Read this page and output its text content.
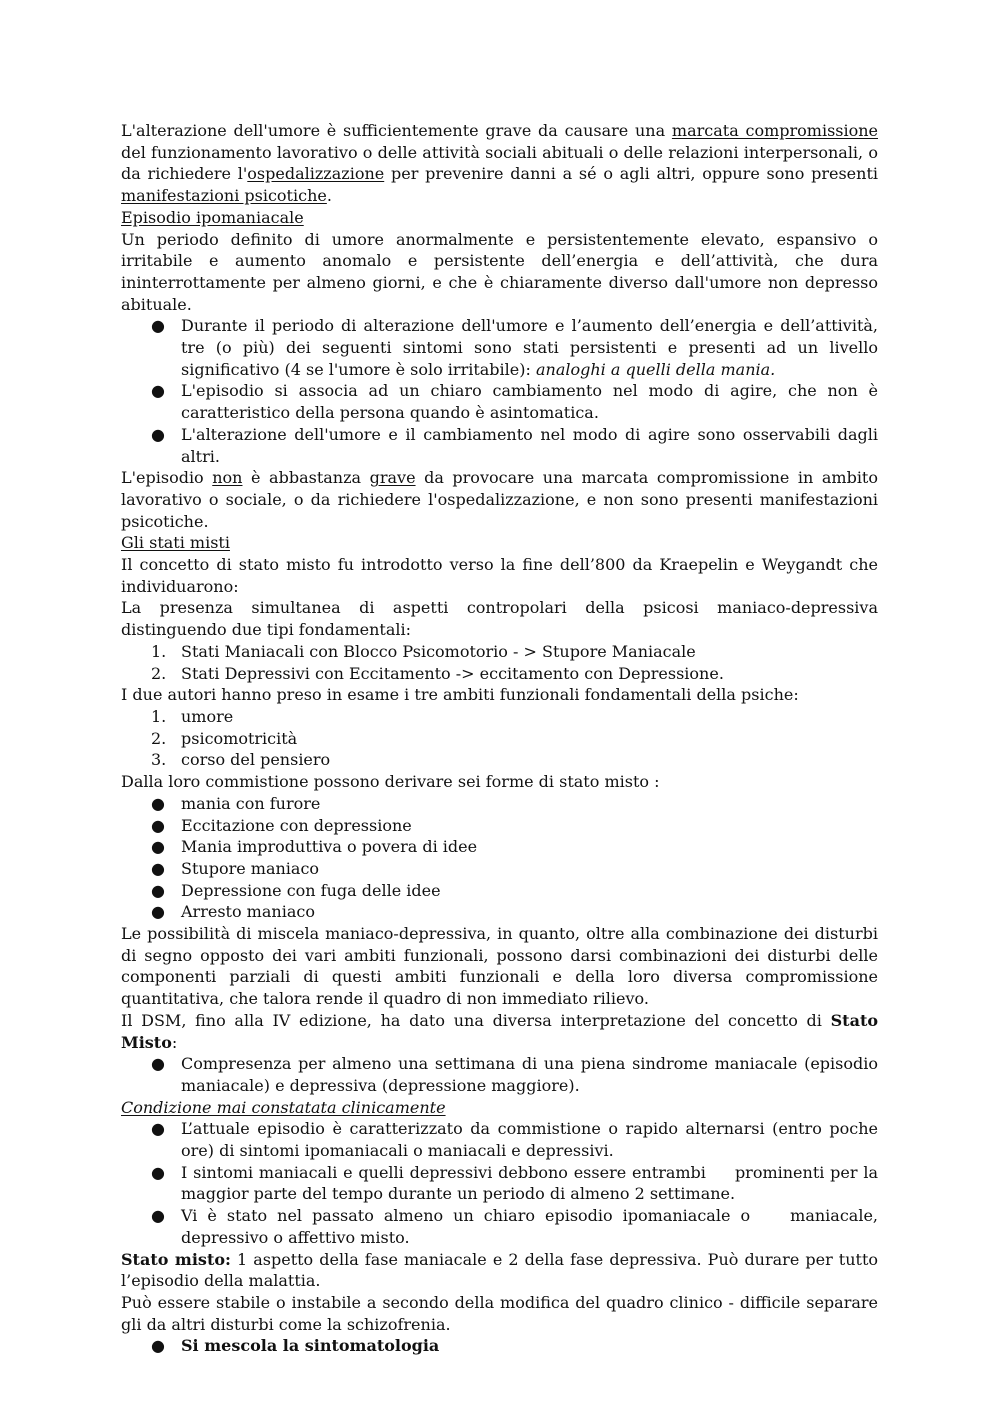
L'alterazione dell'umore è sufficientemente grave da causare una marcata compromissione del funzionamento lavorativo o delle attività sociali abituali o delle relazioni interpersonali, o da richiedere l'ospedalizzazione per prevenire danni a sé o agli altri, oppure sono presenti manifestazioni psicotiche.

Episodio ipomaniacale

Un periodo definito di umore anormalmente e persistentemente elevato, espansivo o irritabile e aumento anomalo e persistente dell’energia e dell’attività, che dura ininterrottamente per almeno giorni, e che è chiaramente diverso dall'umore non depresso abituale.

● Durante il periodo di alterazione dell'umore e l’aumento dell’energia e dell’attività, tre (o più) dei seguenti sintomi sono stati persistenti e presenti ad un livello significativo (4 se l'umore è solo irritabile): analoghi a quelli della mania.
● L'episodio si associa ad un chiaro cambiamento nel modo di agire, che non è caratteristico della persona quando è asintomatica.
● L'alterazione dell'umore e il cambiamento nel modo di agire sono osservabili dagli altri.

L'episodio non è abbastanza grave da provocare una marcata compromissione in ambito lavorativo o sociale, o da richiedere l'ospedalizzazione, e non sono presenti manifestazioni psicotiche.

Gli stati misti

Il concetto di stato misto fu introdotto verso la fine dell’800 da Kraepelin e Weygandt che individuarono:

La presenza simultanea di aspetti contropolari della psicosi maniaco-depressiva distinguendo due tipi fondamentali:

1. Stati Maniacali con Blocco Psicomotorio - > Stupore Maniacale
2. Stati Depressivi con Eccitamento -> eccitamento con Depressione.

I due autori hanno preso in esame i tre ambiti funzionali fondamentali della psiche:

1. umore
2. psicomotricità
3. corso del pensiero

Dalla loro commistione possono derivare sei forme di stato misto :

● mania con furore
● Eccitazione con depressione
● Mania improduttiva o povera di idee
● Stupore maniaco
● Depressione con fuga delle idee
● Arresto maniaco

Le possibilità di miscela maniaco-depressiva, in quanto, oltre alla combinazione dei disturbi di segno opposto dei vari ambiti funzionali, possono darsi combinazioni dei disturbi delle componenti parziali di questi ambiti funzionali e della loro diversa compromissione quantitativa, che talora rende il quadro di non immediato rilievo.

Il DSM, fino alla IV edizione, ha dato una diversa interpretazione del concetto di Stato Misto:

● Compresenza per almeno una settimana di una piena sindrome maniacale (episodio maniacale) e depressiva (depressione maggiore).

Condizione mai constatata clinicamente

● L’attuale episodio è caratterizzato da commistione o rapido alternarsi (entro poche ore) di sintomi ipomaniacali o maniacali e depressivi.
● I sintomi maniacali e quelli depressivi debbono essere entrambi     prominenti per la maggior parte del tempo durante un periodo di almeno 2 settimane.
● Vi è stato nel passato almeno un chiaro episodio ipomaniacale o    maniacale, depressivo o affettivo misto.

Stato misto: 1 aspetto della fase maniacale e 2 della fase depressiva. Può durare per tutto l’episodio della malattia.

Può essere stabile o instabile a secondo della modifica del quadro clinico - difficile separare gli da altri disturbi come la schizofrenia.

● Si mescola la sintomatologia
